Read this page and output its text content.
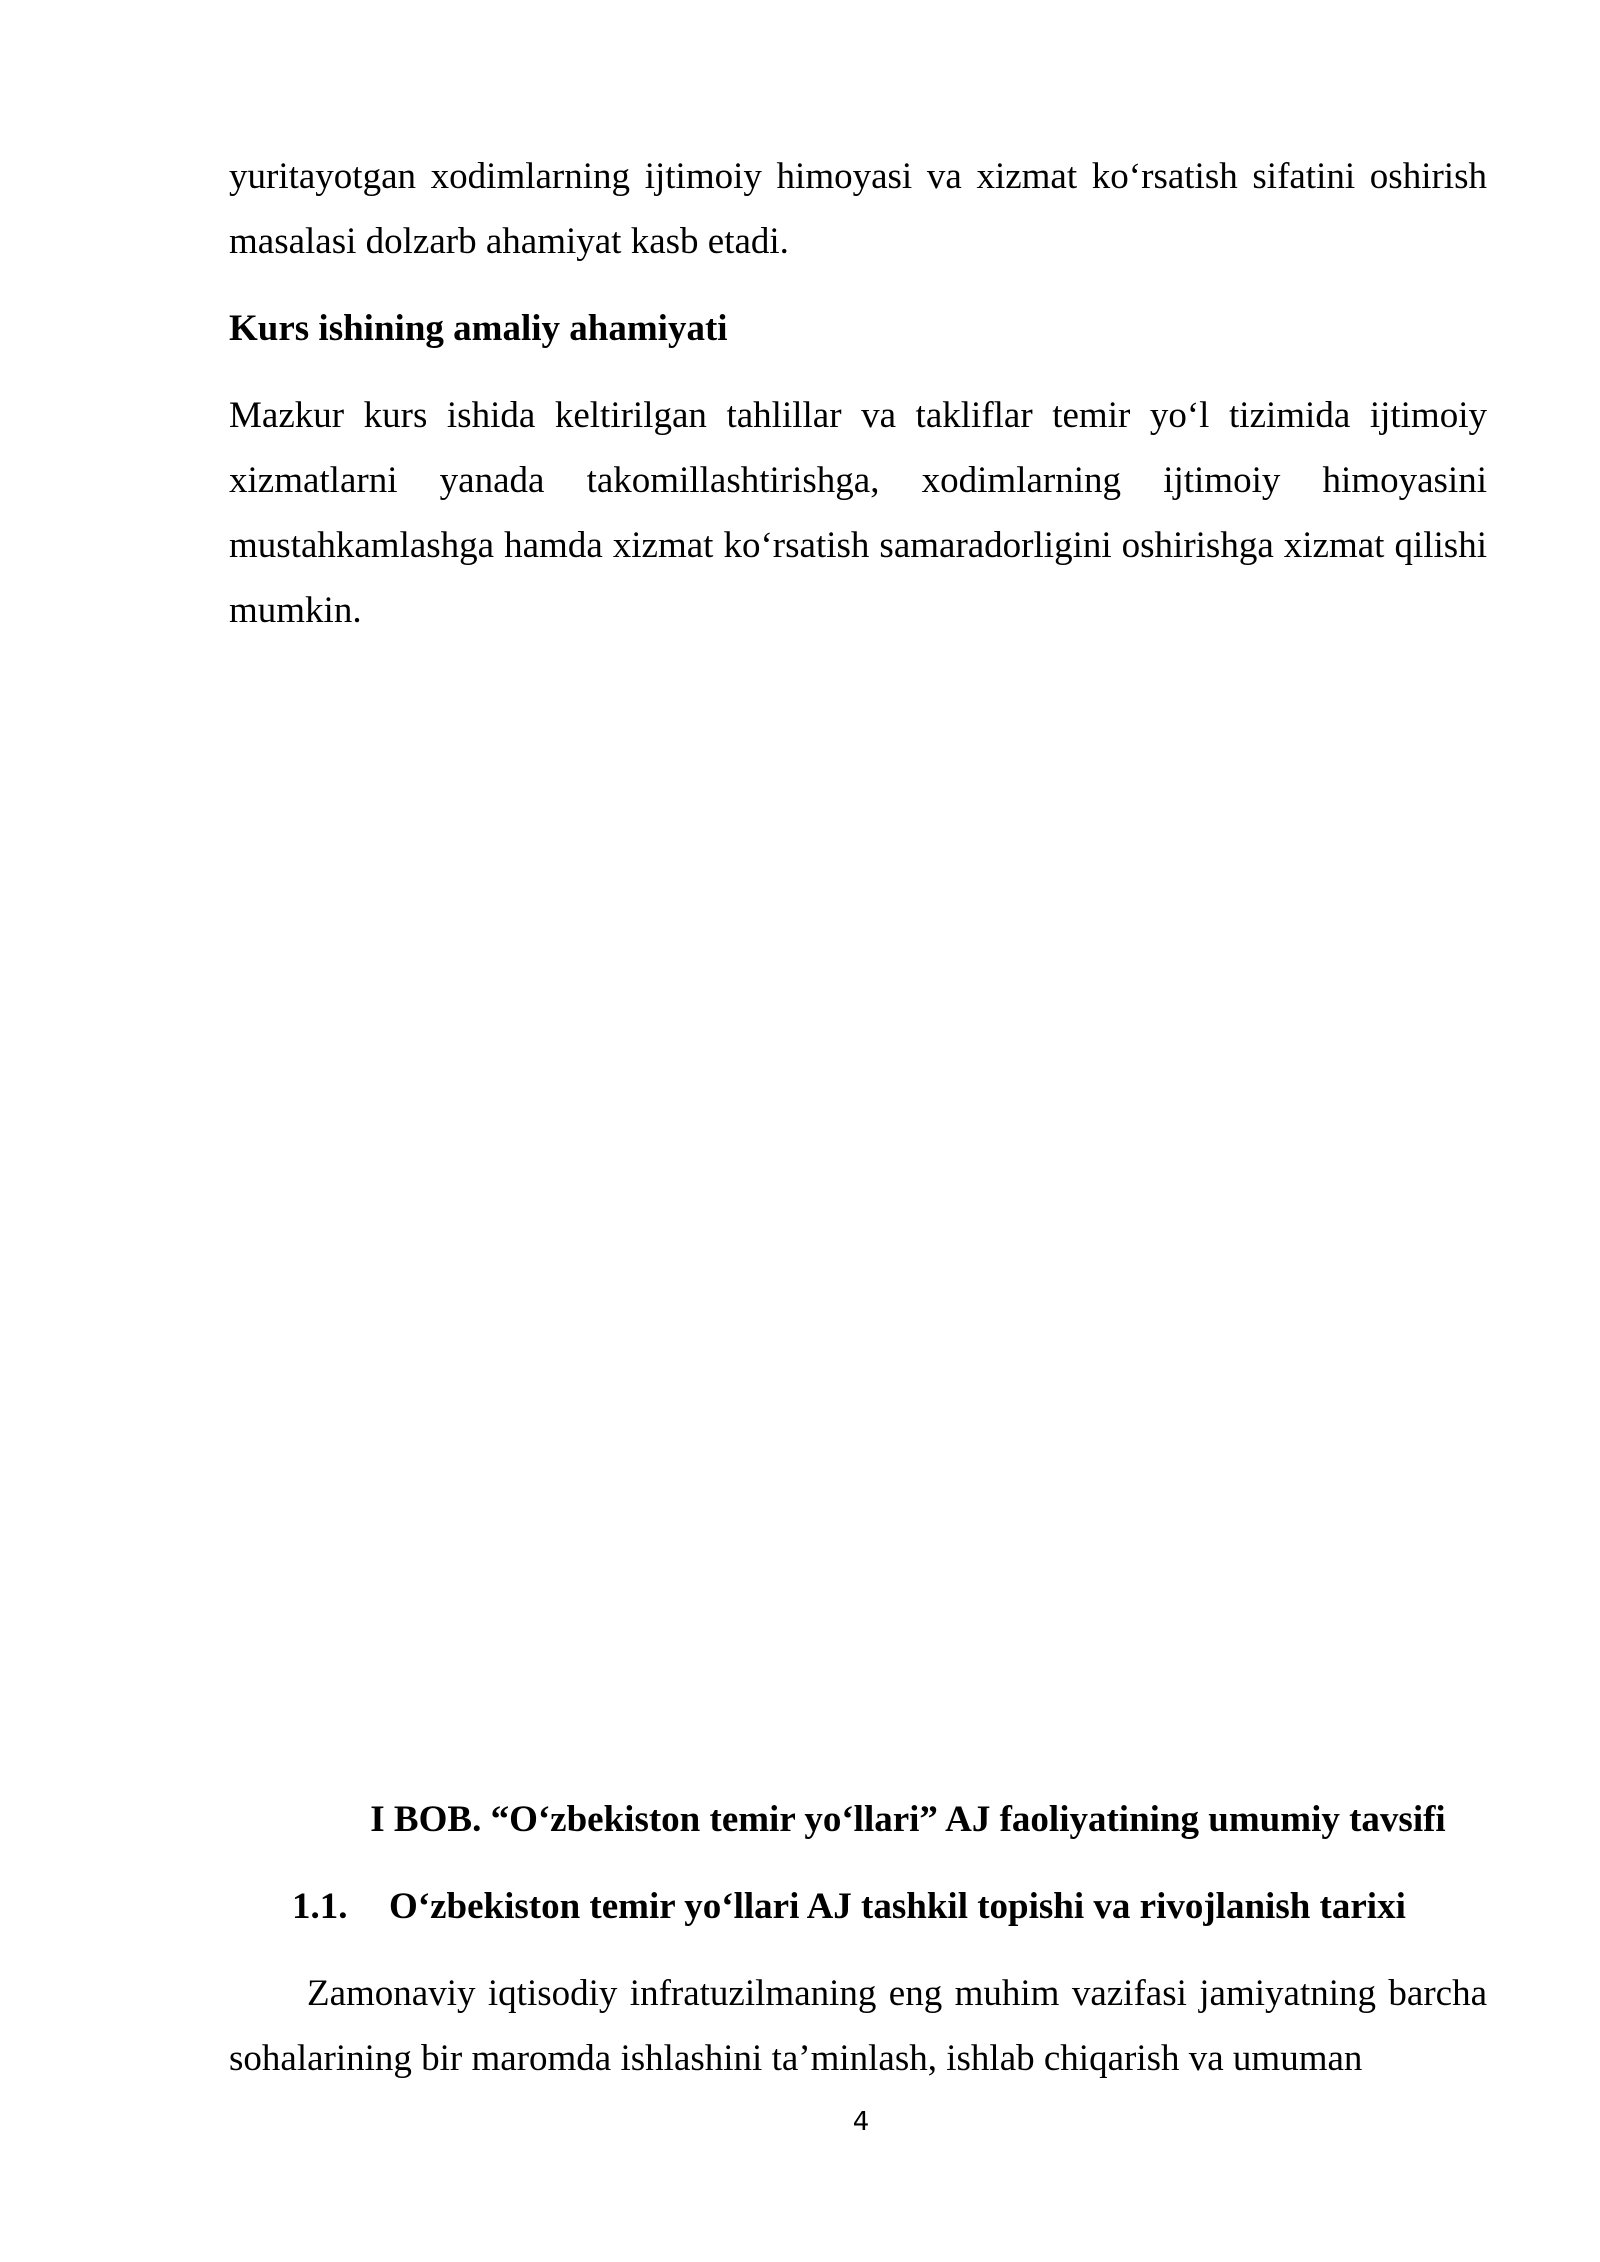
yuritayotgan xodimlarning ijtimoiy himoyasi va xizmat ko‘rsatish sifatini oshirish masalasi dolzarb ahamiyat kasb etadi.

Kurs ishining amaliy ahamiyati

Mazkur kurs ishida keltirilgan tahlillar va takliflar temir yo‘l tizimida ijtimoiy xizmatlarni yanada takomillashtirishga, xodimlarning ijtimoiy himoyasini mustahkamlashga hamda xizmat ko‘rsatish samaradorligini oshirishga xizmat qilishi mumkin.

I BOB. “O‘zbekiston temir yo‘llari” AJ faoliyatining umumiy tavsifi
1.1. O‘zbekiston temir yo‘llari AJ tashkil topishi va rivojlanish tarixi

Zamonaviy iqtisodiy infratuzilmaning eng muhim vazifasi jamiyatning barcha sohalarining bir maromda ishlashini ta’minlash, ishlab chiqarish va umuman

4
